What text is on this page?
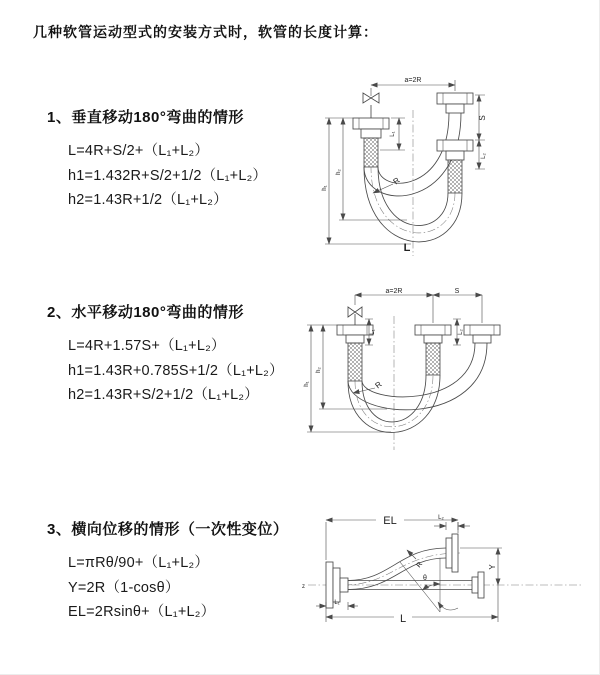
几种软管运动型式的安装方式时，软管的长度计算：
1、垂直移动180°弯曲的情形

L=4R+S/2+（L₁+L₂）

h1=1.432R+S/2+1/2（L₁+L₂）

h2=1.43R+1/2（L₁+L₂）

2、水平移动180°弯曲的情形

L=4R+1.57S+（L₁+L₂）

h1=1.43R+0.785S+1/2（L₁+L₂）

h2=1.43R+S/2+1/2（L₁+L₂）

3、横向位移的情形（一次性变位）

L=πRθ/90+（L₁+L₂）

Y=2R（1-cosθ）

EL=2Rsinθ+（L₁+L₂）

a=2R
L₁
S
L₂
h₁
h₂
R
L
a=2R	S
L₁	L₂
h₁
h₂
R
z
EL	L₂
R
θ
Y
L₁
L
